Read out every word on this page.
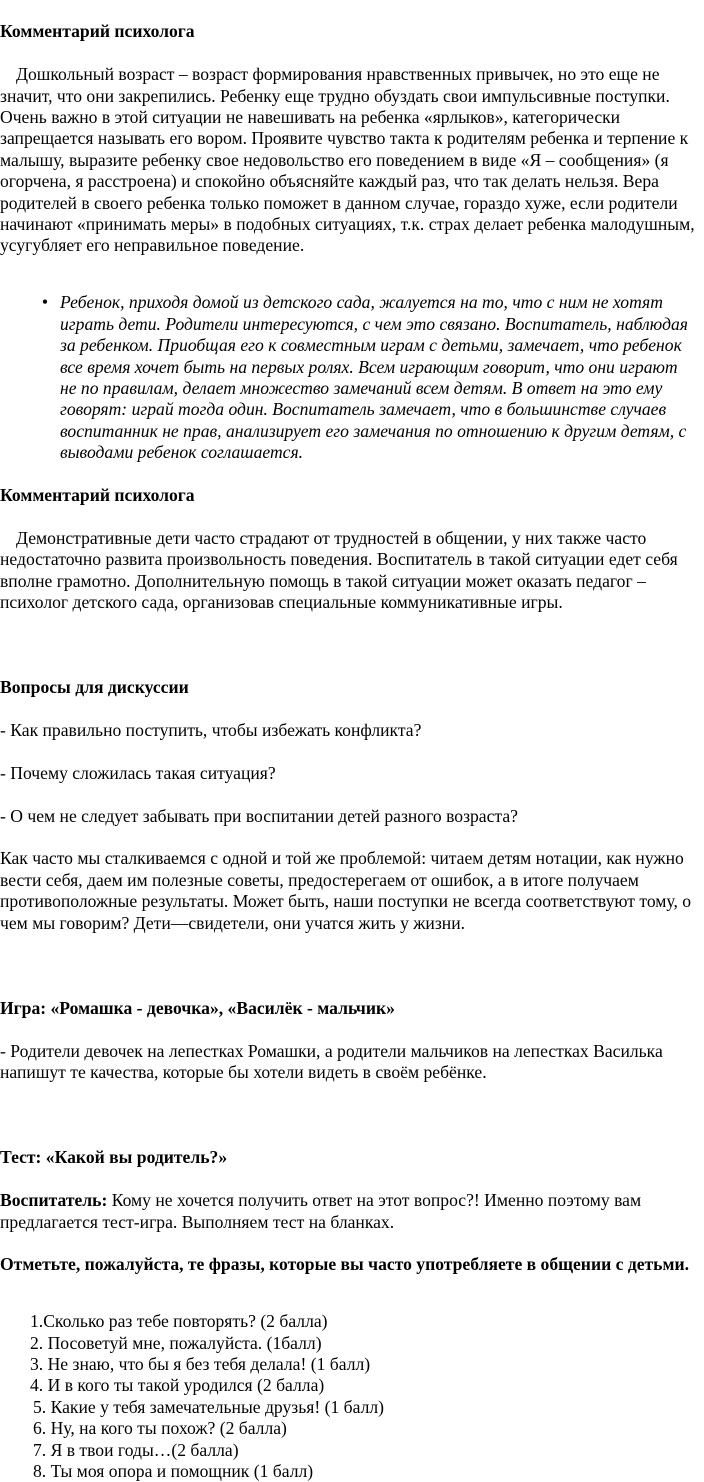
Комментарий психолога

Дошкольный возраст – возраст формирования нравственных привычек, но это еще не значит, что они закрепились. Ребенку еще трудно обуздать свои импульсивные поступки. Очень важно в этой ситуации не навешивать на ребенка «ярлыков», категорически запрещается называть его вором. Проявите чувство такта к родителям ребенка и терпение к малышу, выразите ребенку свое недовольство его поведением в виде «Я – сообщения» (я огорчена, я расстроена) и спокойно объясняйте каждый раз, что так делать нельзя. Вера родителей в своего ребенка только поможет в данном случае, гораздо хуже, если родители начинают «принимать меры» в подобных ситуациях, т.к. страх делает ребенка малодушным, усугубляет его неправильное поведение.

• Ребенок, приходя домой из детского сада, жалуется на то, что с ним не хотят играть дети. Родители интересуются, с чем это связано. Воспитатель, наблюдая за ребенком. Приобщая его к совместным играм с детьми, замечает, что ребенок все время хочет быть на первых ролях. Всем играющим говорит, что они играют не по правилам, делает множество замечаний всем детям. В ответ на это ему говорят: играй тогда один. Воспитатель замечает, что в большинстве случаев воспитанник не прав, анализирует его замечания по отношению к другим детям, с выводами ребенок соглашается.

Комментарий психолога

Демонстративные дети часто страдают от трудностей в общении, у них также часто недостаточно развита произвольность поведения. Воспитатель в такой ситуации едет себя вполне грамотно. Дополнительную помощь в такой ситуации может оказать педагог – психолог детского сада, организовав специальные коммуникативные игры.

Вопросы для дискуссии

- Как правильно поступить, чтобы избежать конфликта?

- Почему сложилась такая ситуация?

- О чем не следует забывать при воспитании детей разного возраста?

Как часто мы сталкиваемся с одной и той же проблемой: читаем детям нотации, как нужно вести себя, даем им полезные советы, предостерегаем от ошибок, а в итоге получаем противоположные результаты. Может быть, наши поступки не всегда соответствуют тому, о чем мы говорим? Дети—свидетели, они учатся жить у жизни.

Игра: «Ромашка - девочка», «Василёк - мальчик»

- Родители девочек на лепестках Ромашки, а родители мальчиков на лепестках Василька напишут те качества, которые бы хотели видеть в своём ребёнке.

Тест: «Какой вы родитель?»

Воспитатель: Кому не хочется получить ответ на этот вопрос?! Именно поэтому вам предлагается тест-игра. Выполняем тест на бланках.

Отметьте, пожалуйста, те фразы, которые вы часто употребляете в общении с детьми.

1.Сколько раз тебе повторять? (2 балла)
2. Посоветуй мне, пожалуйста. (1балл)
3. Не знаю, что бы я без тебя делала! (1 балл)
4. И в кого ты такой уродился (2 балла)
5. Какие у тебя замечательные друзья! (1 балл)
6. Ну, на кого ты похож? (2 балла)
7. Я в твои годы…(2 балла)
8. Ты моя опора и помощник (1 балл)
